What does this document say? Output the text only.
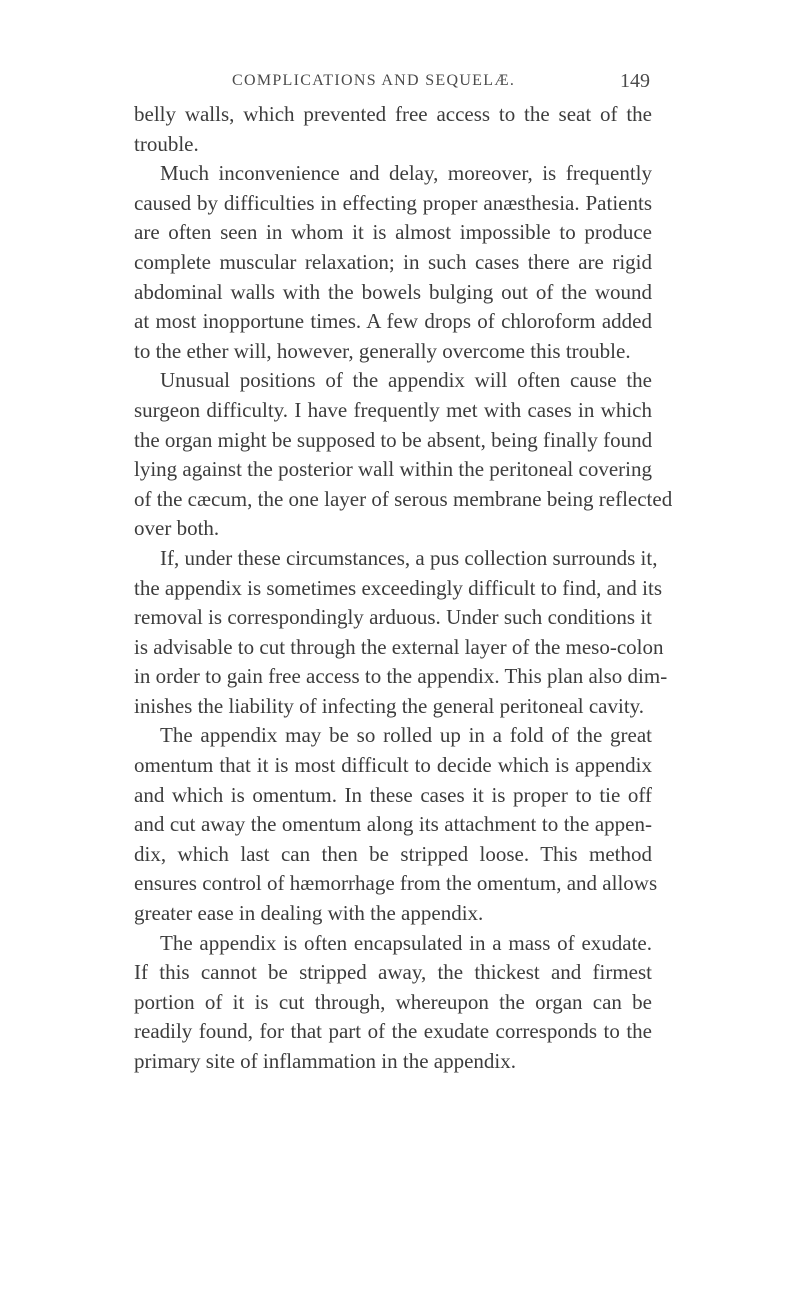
COMPLICATIONS AND SEQUELÆ.	149
belly walls, which prevented free access to the seat of the
trouble.
Much inconvenience and delay, moreover, is frequently
caused by difficulties in effecting proper anæsthesia. Patients
are often seen in whom it is almost impossible to produce
complete muscular relaxation; in such cases there are rigid
abdominal walls with the bowels bulging out of the wound
at most inopportune times. A few drops of chloroform added
to the ether will, however, generally overcome this trouble.
Unusual positions of the appendix will often cause the
surgeon difficulty. I have frequently met with cases in which
the organ might be supposed to be absent, being finally found
lying against the posterior wall within the peritoneal covering
of the cæcum, the one layer of serous membrane being reflected
over both.
If, under these circumstances, a pus collection surrounds it,
the appendix is sometimes exceedingly difficult to find, and its
removal is correspondingly arduous. Under such conditions it
is advisable to cut through the external layer of the meso-colon
in order to gain free access to the appendix. This plan also dim-
inishes the liability of infecting the general peritoneal cavity.
The appendix may be so rolled up in a fold of the great
omentum that it is most difficult to decide which is appendix
and which is omentum. In these cases it is proper to tie off
and cut away the omentum along its attachment to the appen-
dix, which last can then be stripped loose. This method
ensures control of hæmorrhage from the omentum, and allows
greater ease in dealing with the appendix.
The appendix is often encapsulated in a mass of exudate.
If this cannot be stripped away, the thickest and firmest
portion of it is cut through, whereupon the organ can be
readily found, for that part of the exudate corresponds to the
primary site of inflammation in the appendix.
